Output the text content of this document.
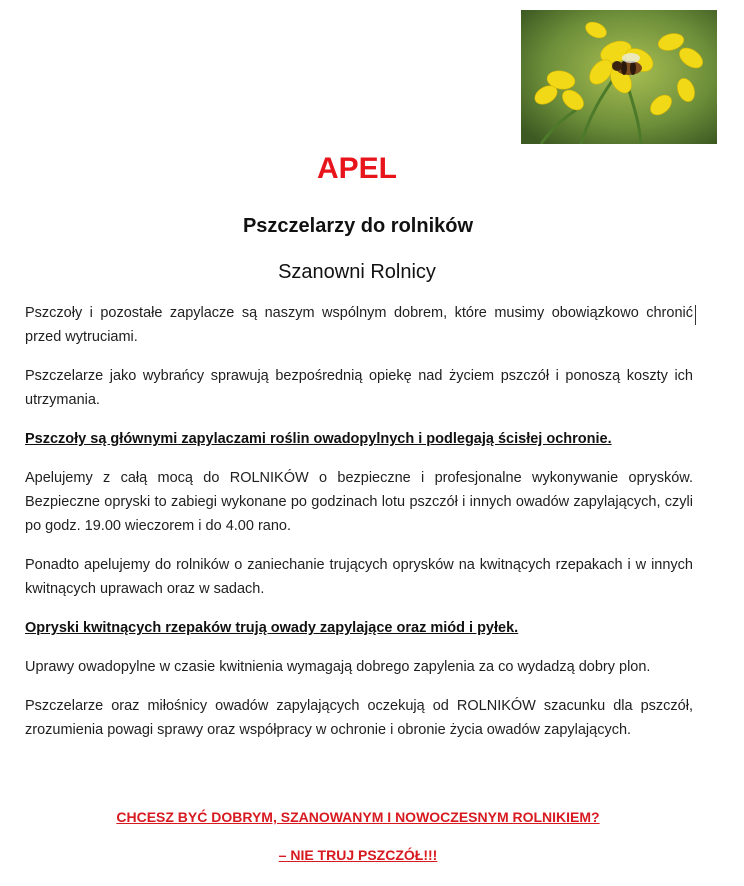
APEL
Pszczelarzy do rolników
Szanowni Rolnicy

Pszczoły i pozostałe zapylacze są naszym wspólnym dobrem, które musimy obowiązkowo chronić przed wytruciami.

Pszczelarze jako wybrańcy sprawują bezpośrednią opiekę nad życiem pszczół i ponoszą koszty ich utrzymania.

Pszczoły są głównymi zapylaczami roślin owadopylnych i podlegają ścisłej ochronie.

Apelujemy z całą mocą do ROLNIKÓW o bezpieczne i profesjonalne wykonywanie oprysków. Bezpieczne opryski to zabiegi wykonane po godzinach lotu pszczół i innych owadów zapylających, czyli po godz. 19.00 wieczorem i do 4.00 rano.

Ponadto apelujemy do rolników o zaniechanie trujących oprysków na kwitnących rzepakach i w innych kwitnących uprawach oraz w sadach.

Opryski kwitnących rzepaków trują owady zapylające oraz miód i pyłek.

Uprawy owadopylne w czasie kwitnienia wymagają dobrego zapylenia za co wydadzą dobry plon.

Pszczelarze oraz miłośnicy owadów zapylających oczekują od ROLNIKÓW szacunku dla pszczół, zrozumienia powagi sprawy oraz współpracy w ochronie i obronie życia owadów zapylających.

CHCESZ BYĆ DOBRYM, SZANOWANYM I NOWOCZESNYM ROLNIKIEM?
– NIE TRUJ PSZCZÓŁ!!!
